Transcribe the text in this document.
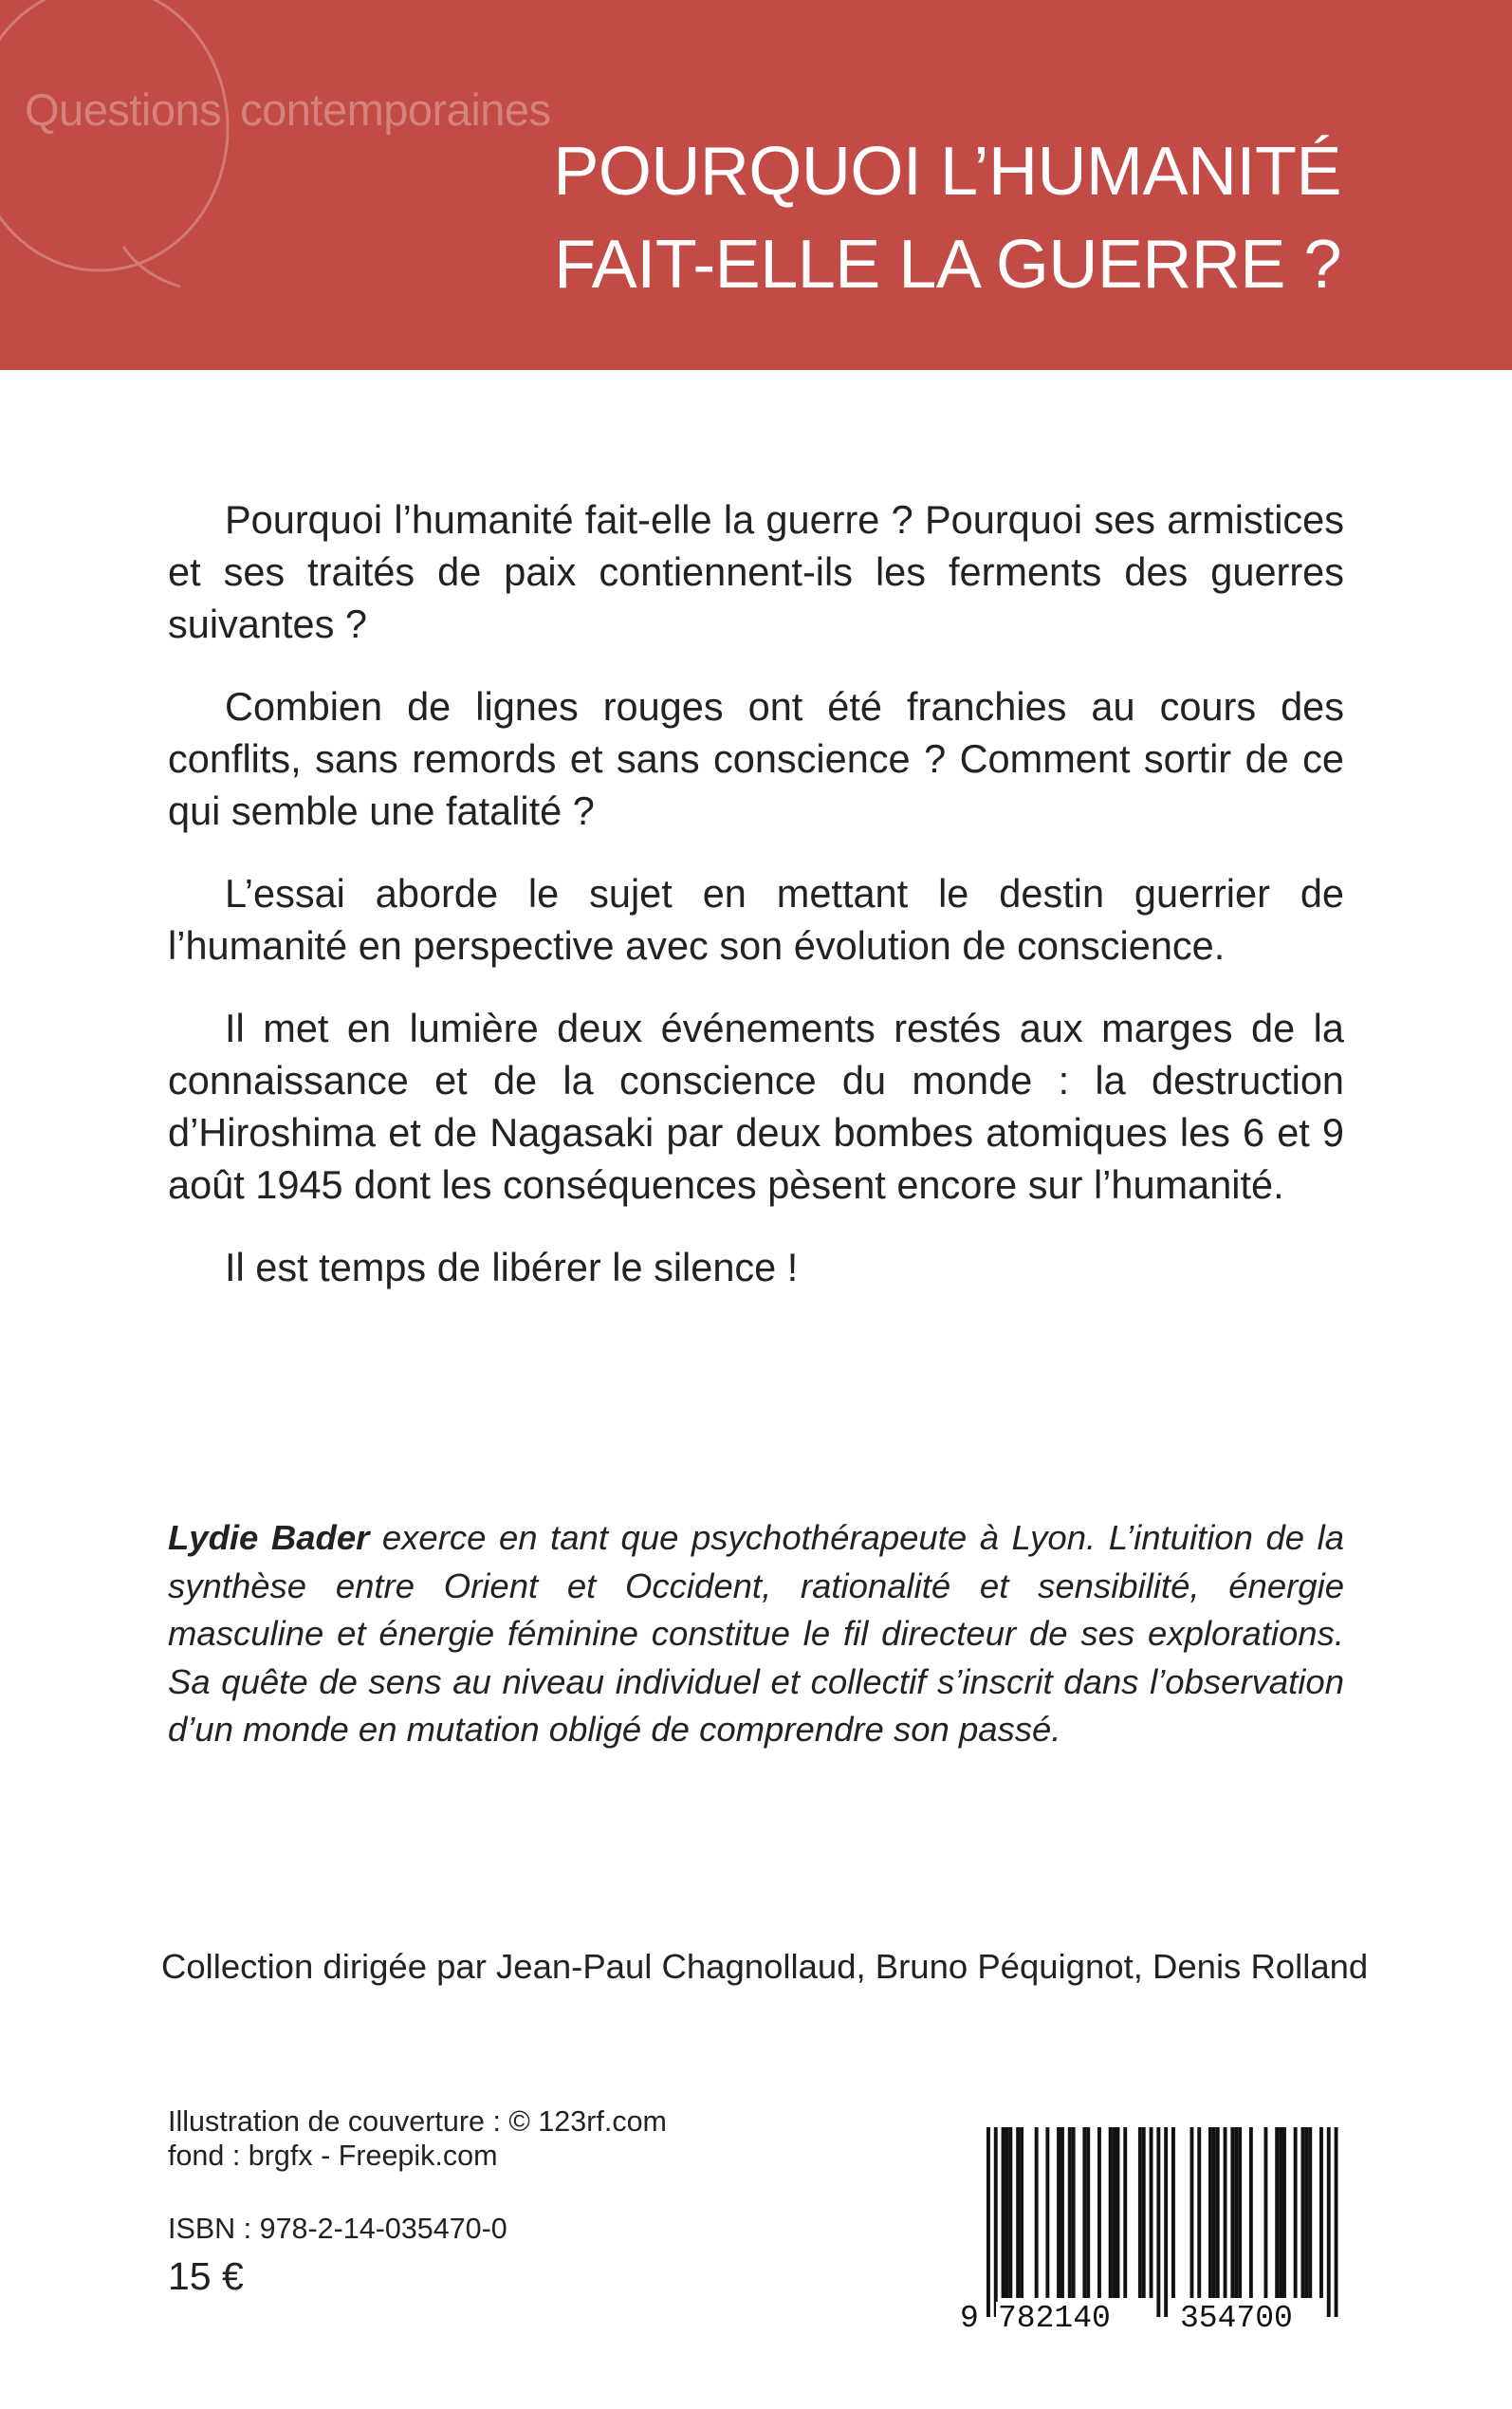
Questions contemporaines
POURQUOI L’HUMANITÉ
FAIT-ELLE LA GUERRE ?

Pourquoi l’humanité fait-elle la guerre ? Pourquoi ses armistices et ses traités de paix contiennent-ils les ferments des guerres suivantes ?

Combien de lignes rouges ont été franchies au cours des conflits, sans remords et sans conscience ? Comment sortir de ce qui semble une fatalité ?

L’essai aborde le sujet en mettant le destin guerrier de l’humanité en perspective avec son évolution de conscience.

Il met en lumière deux événements restés aux marges de la connaissance et de la conscience du monde : la destruction d’Hiroshima et de Nagasaki par deux bombes atomiques les 6 et 9 août 1945 dont les conséquences pèsent encore sur l’humanité.

Il est temps de libérer le silence !

Lydie Bader exerce en tant que psychothérapeute à Lyon. L’intuition de la synthèse entre Orient et Occident, rationalité et sensibilité, énergie masculine et énergie féminine constitue le fil directeur de ses explorations. Sa quête de sens au niveau individuel et collectif s’inscrit dans l’observation d’un monde en mutation obligé de comprendre son passé.
Collection dirigée par Jean-Paul Chagnollaud, Bruno Péquignot, Denis Rolland
Illustration de couverture : © 123rf.com
fond : brgfx - Freepik.com
ISBN : 978-2-14-035470-0
15 €
9 782140 354700
